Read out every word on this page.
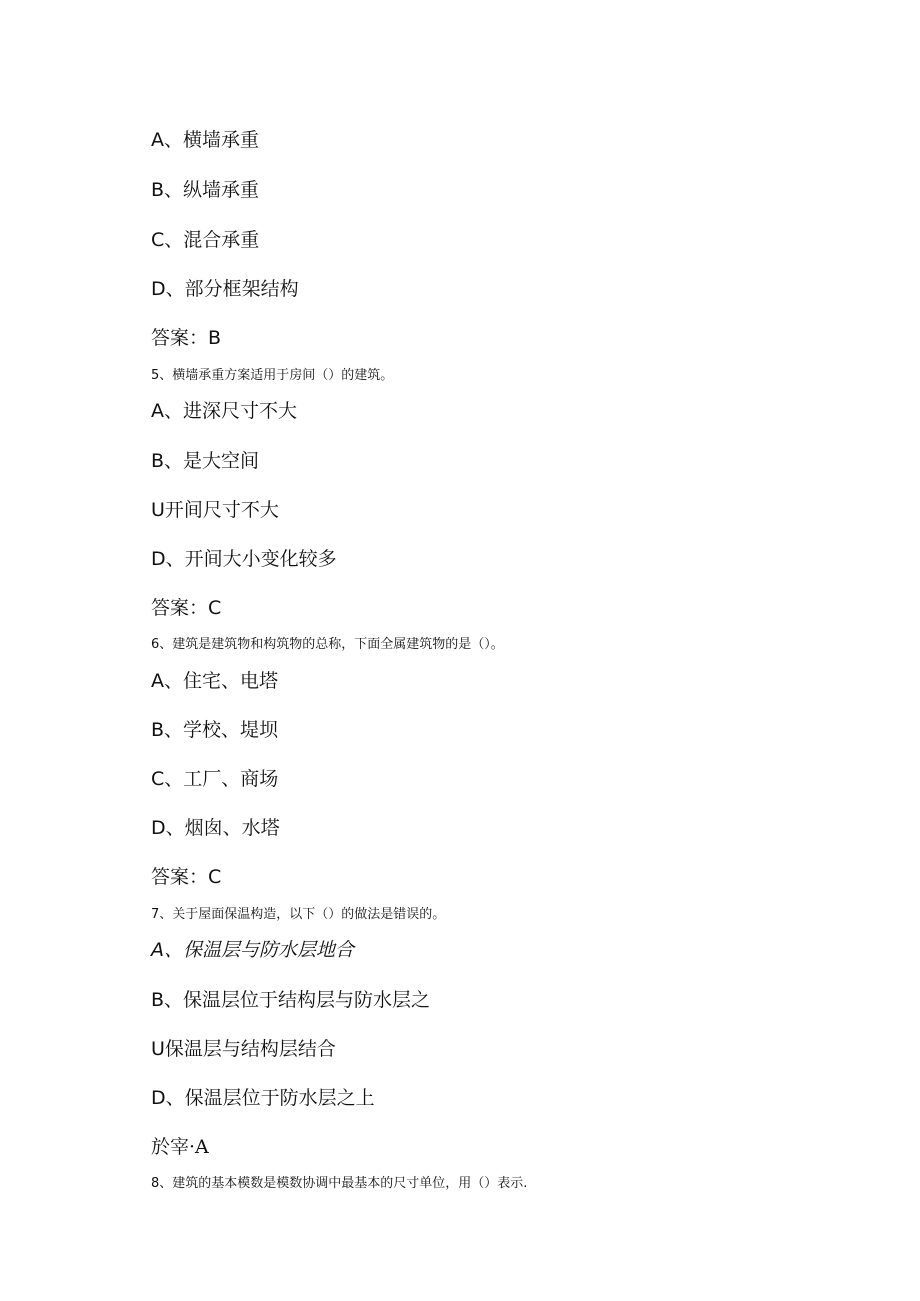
A、横墙承重
B、纵墙承重
C、混合承重
D、部分框架结构
答案：B
5、横墙承重方案适用于房间（）的建筑。
A、进深尺寸不大
B、是大空间
U开间尺寸不大
D、开间大小变化较多
答案：C
6、建筑是建筑物和构筑物的总称，下面全属建筑物的是（）。
A、住宅、电塔
B、学校、堤坝
C、工厂、商场
D、烟囱、水塔
答案：C
7、关于屋面保温构造，以下（）的做法是错误的。
A、保温层与防水层地合
B、保温层位于结构层与防水层之
U保温层与结构层结合
D、保温层位于防水层之上
於宰·A
8、建筑的基本模数是模数协调中最基本的尺寸单位，用（）表示.
